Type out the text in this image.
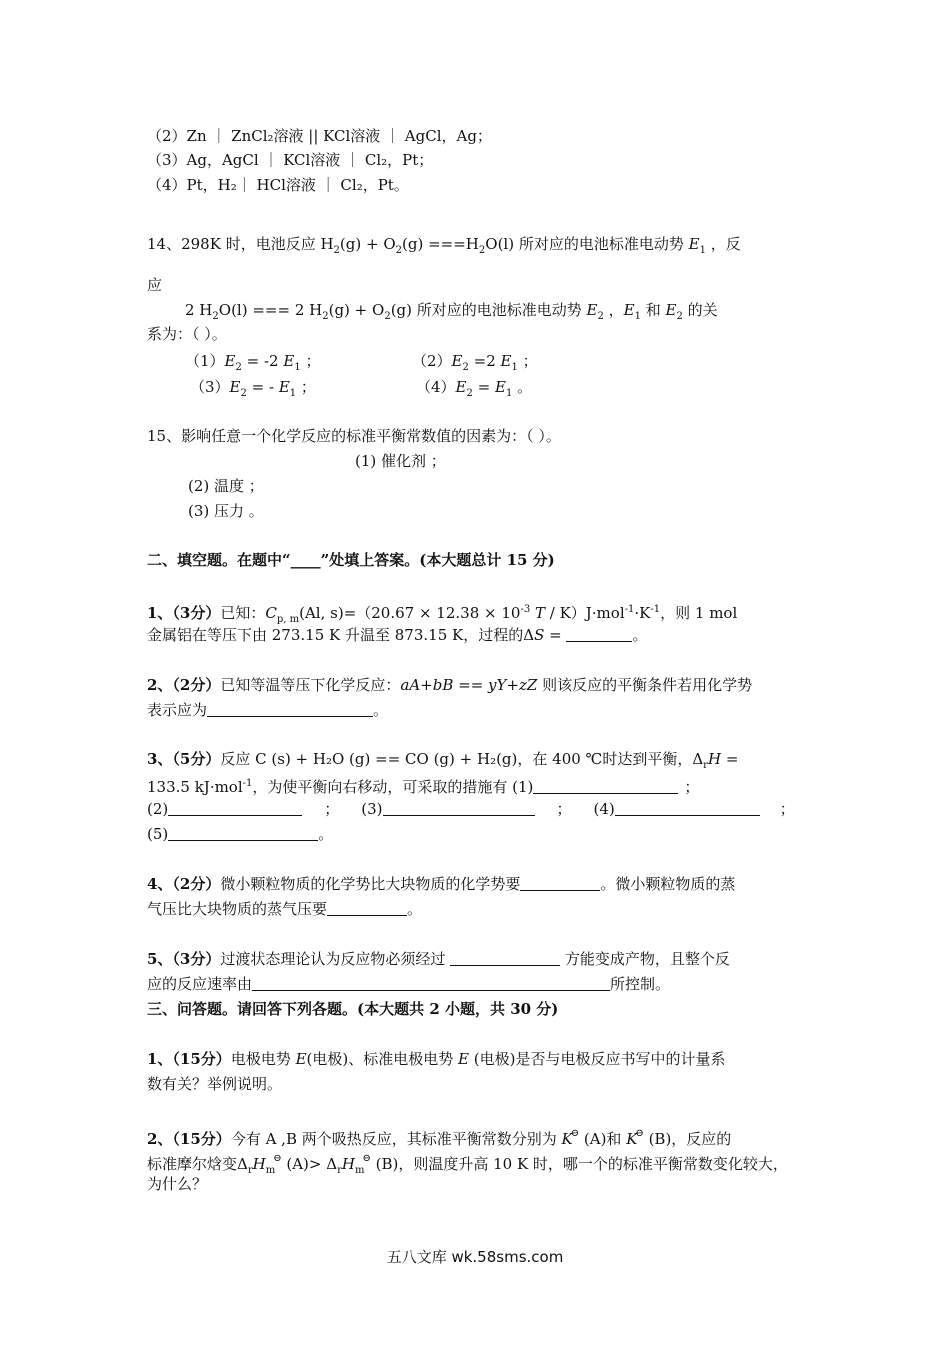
（2）Zn ｜ ZnCl₂溶液 || KCl溶液 ｜ AgCl，Ag；
（3）Ag，AgCl ｜ KCl溶液 ｜ Cl₂，Pt；
（4）Pt，H₂｜ HCl溶液 ｜ Cl₂，Pt。
14、298K 时，电池反应 $H_2(g) + O_2(g) ===H_2O(l)$ 所对应的电池标准电动势 $E_1$ ，反
应
2 $H_2O(l)$ === 2 $H_2(g) + O_2(g)$ 所对应的电池标准电动势 $E_2$ ，$E_1$ 和 $E_2$ 的关
系为：（ ）。
$(1)E_2 = -2$ $E_1$ ；	$(2)E_2 =2$ $E_1$ ；
$(3)E_2$ = - $E_1$ ；	$(4)E_2 = E_1$ 。
15、影响任意一个化学反应的标准平衡常数值的因素为：（ ）。
(1) 催化剂 ；
(2) 温度 ；
(3) 压力 。
二、填空题。在题中“____”处填上答案。(本大题总计 15 分)
1、（3分）已知：$C_{p, m}(Al$, $s)=(20.67 \times 12.38 \times 10^{-3}$ $T / K)J\cdot mol^{-1}\cdot K^{-1}$，则 1 mol
金属铝在等压下由 273.15 K 升温至 873.15 K，过程的ΔS =	。
2、（2分）已知等温等压下化学反应：aA+bB == yY+zZ 则该反应的平衡条件若用化学势
表示应为	。
3、（5分）反应 C (s) + H₂O (g) == CO (g) + H₂(g)，在 400 ℃时达到平衡，$\Delta_rH$ =
133.5 kJ·mol$^{-1}$，为使平衡向右移动，可采取的措施有 (1)	；
(2)	； (3)	； (4)	；
(5)	。
4、（2分）微小颗粒物质的化学势比大块物质的化学势要	。微小颗粒物质的蒸
气压比大块物质的蒸气压要	。
5、（3分）过渡状态理论认为反应物必须经过	方能变成产物，且整个反
应的反应速率由	所控制。
三、问答题。请回答下列各题。(本大题共 2 小题，共 30 分)
1、（15分）电极电势 E(电极)、标准电极电势 E (电极)是否与电极反应书写中的计量系
数有关？举例说明。
2、（15分）今有 A ,B 两个吸热反应，其标准平衡常数分别为 K⊖ (A)和 K⊖ (B)，反应的
标准摩尔焓变$\Delta_rH_m^⊖$ $(A)> \Delta_rH_m^⊖$ (B)，则温度升高 10 K 时，哪一个的标准平衡常数变化较大，
为什么？
五八文库 wk.58sms.com
